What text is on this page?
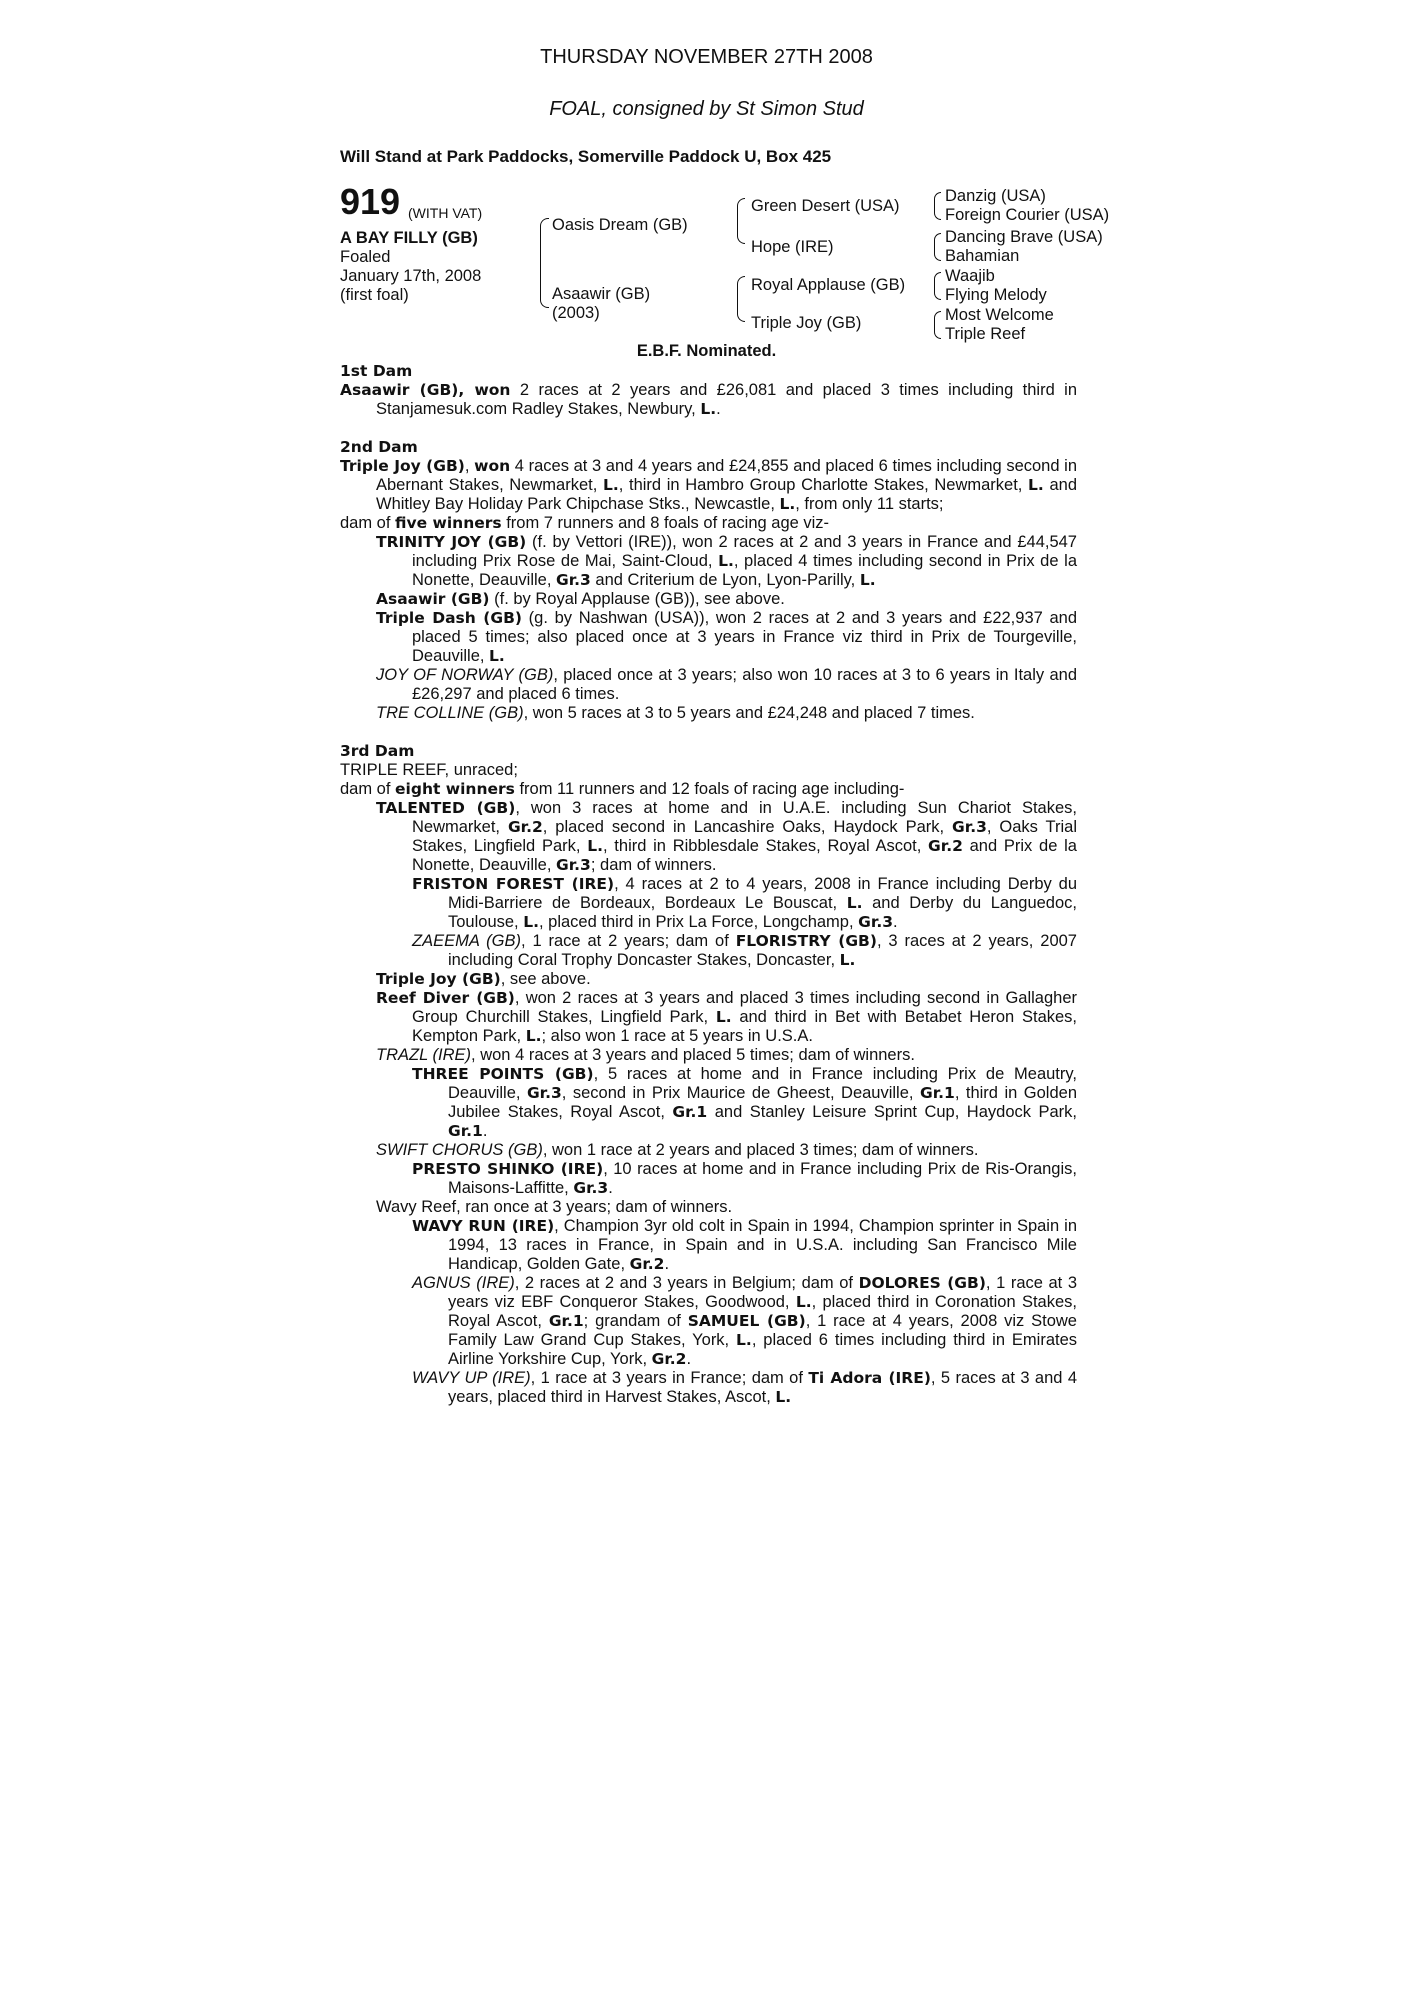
THURSDAY NOVEMBER 27TH 2008
FOAL, consigned by St Simon Stud
Will Stand at Park Paddocks, Somerville Paddock U, Box 425
919 (WITH VAT)
A BAY FILLY (GB)
Foaled
January 17th, 2008
(first foal)
Oasis Dream (GB)
Asaawir (GB)
(2003)
Green Desert (USA)
Hope (IRE)
Royal Applause (GB)
Triple Joy (GB)
Danzig (USA)
Foreign Courier (USA)
Dancing Brave (USA)
Bahamian
Waajib
Flying Melody
Most Welcome
Triple Reef
E.B.F. Nominated.
1st Dam
Asaawir (GB), won 2 races at 2 years and £26,081 and placed 3 times including third in Stanjamesuk.com Radley Stakes, Newbury, L..
2nd Dam
Triple Joy (GB), won 4 races at 3 and 4 years and £24,855 and placed 6 times including second in Abernant Stakes, Newmarket, L., third in Hambro Group Charlotte Stakes, Newmarket, L. and Whitley Bay Holiday Park Chipchase Stks., Newcastle, L., from only 11 starts;
dam of five winners from 7 runners and 8 foals of racing age viz-
TRINITY JOY (GB) (f. by Vettori (IRE)), won 2 races at 2 and 3 years in France and £44,547 including Prix Rose de Mai, Saint-Cloud, L., placed 4 times including second in Prix de la Nonette, Deauville, Gr.3 and Criterium de Lyon, Lyon-Parilly, L.
Asaawir (GB) (f. by Royal Applause (GB)), see above.
Triple Dash (GB) (g. by Nashwan (USA)), won 2 races at 2 and 3 years and £22,937 and placed 5 times; also placed once at 3 years in France viz third in Prix de Tourgeville, Deauville, L.
JOY OF NORWAY (GB), placed once at 3 years; also won 10 races at 3 to 6 years in Italy and £26,297 and placed 6 times.
TRE COLLINE (GB), won 5 races at 3 to 5 years and £24,248 and placed 7 times.
3rd Dam
TRIPLE REEF, unraced;
dam of eight winners from 11 runners and 12 foals of racing age including-
TALENTED (GB), won 3 races at home and in U.A.E. including Sun Chariot Stakes, Newmarket, Gr.2, placed second in Lancashire Oaks, Haydock Park, Gr.3, Oaks Trial Stakes, Lingfield Park, L., third in Ribblesdale Stakes, Royal Ascot, Gr.2 and Prix de la Nonette, Deauville, Gr.3; dam of winners.
FRISTON FOREST (IRE), 4 races at 2 to 4 years, 2008 in France including Derby du Midi-Barriere de Bordeaux, Bordeaux Le Bouscat, L. and Derby du Languedoc, Toulouse, L., placed third in Prix La Force, Longchamp, Gr.3.
ZAEEMA (GB), 1 race at 2 years; dam of FLORISTRY (GB), 3 races at 2 years, 2007 including Coral Trophy Doncaster Stakes, Doncaster, L.
Triple Joy (GB), see above.
Reef Diver (GB), won 2 races at 3 years and placed 3 times including second in Gallagher Group Churchill Stakes, Lingfield Park, L. and third in Bet with Betabet Heron Stakes, Kempton Park, L.; also won 1 race at 5 years in U.S.A.
TRAZL (IRE), won 4 races at 3 years and placed 5 times; dam of winners.
THREE POINTS (GB), 5 races at home and in France including Prix de Meautry, Deauville, Gr.3, second in Prix Maurice de Gheest, Deauville, Gr.1, third in Golden Jubilee Stakes, Royal Ascot, Gr.1 and Stanley Leisure Sprint Cup, Haydock Park, Gr.1.
SWIFT CHORUS (GB), won 1 race at 2 years and placed 3 times; dam of winners.
PRESTO SHINKO (IRE), 10 races at home and in France including Prix de Ris-Orangis, Maisons-Laffitte, Gr.3.
Wavy Reef, ran once at 3 years; dam of winners.
WAVY RUN (IRE), Champion 3yr old colt in Spain in 1994, Champion sprinter in Spain in 1994, 13 races in France, in Spain and in U.S.A. including San Francisco Mile Handicap, Golden Gate, Gr.2.
AGNUS (IRE), 2 races at 2 and 3 years in Belgium; dam of DOLORES (GB), 1 race at 3 years viz EBF Conqueror Stakes, Goodwood, L., placed third in Coronation Stakes, Royal Ascot, Gr.1; grandam of SAMUEL (GB), 1 race at 4 years, 2008 viz Stowe Family Law Grand Cup Stakes, York, L., placed 6 times including third in Emirates Airline Yorkshire Cup, York, Gr.2.
WAVY UP (IRE), 1 race at 3 years in France; dam of Ti Adora (IRE), 5 races at 3 and 4 years, placed third in Harvest Stakes, Ascot, L.
